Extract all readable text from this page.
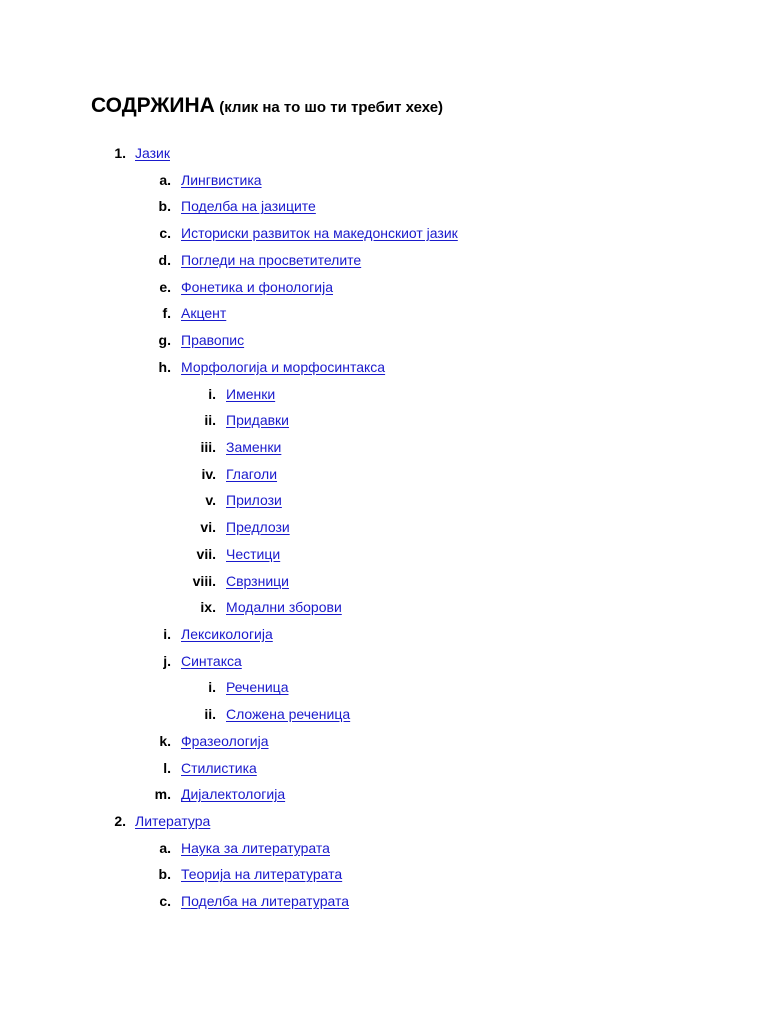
СОДРЖИНА (клик на то шо ти требит хехе)
1. Јазик
a. Лингвистика
b. Поделба на јазиците
c. Историски развиток на македонскиот јазик
d. Погледи на просветителите
e. Фонетика и фонологија
f. Акцент
g. Правопис
h. Морфологија и морфосинтакса
i. Именки
ii. Придавки
iii. Заменки
iv. Глаголи
v. Прилози
vi. Предлози
vii. Честици
viii. Сврзници
ix. Модални зборови
i. Лексикологија
j. Синтакса
i. Реченица
ii. Сложена реченица
k. Фразеологија
l. Стилистика
m. Дијалектологија
2. Литература
a. Наука за литературата
b. Теорија на литературата
c. Поделба на литературата
